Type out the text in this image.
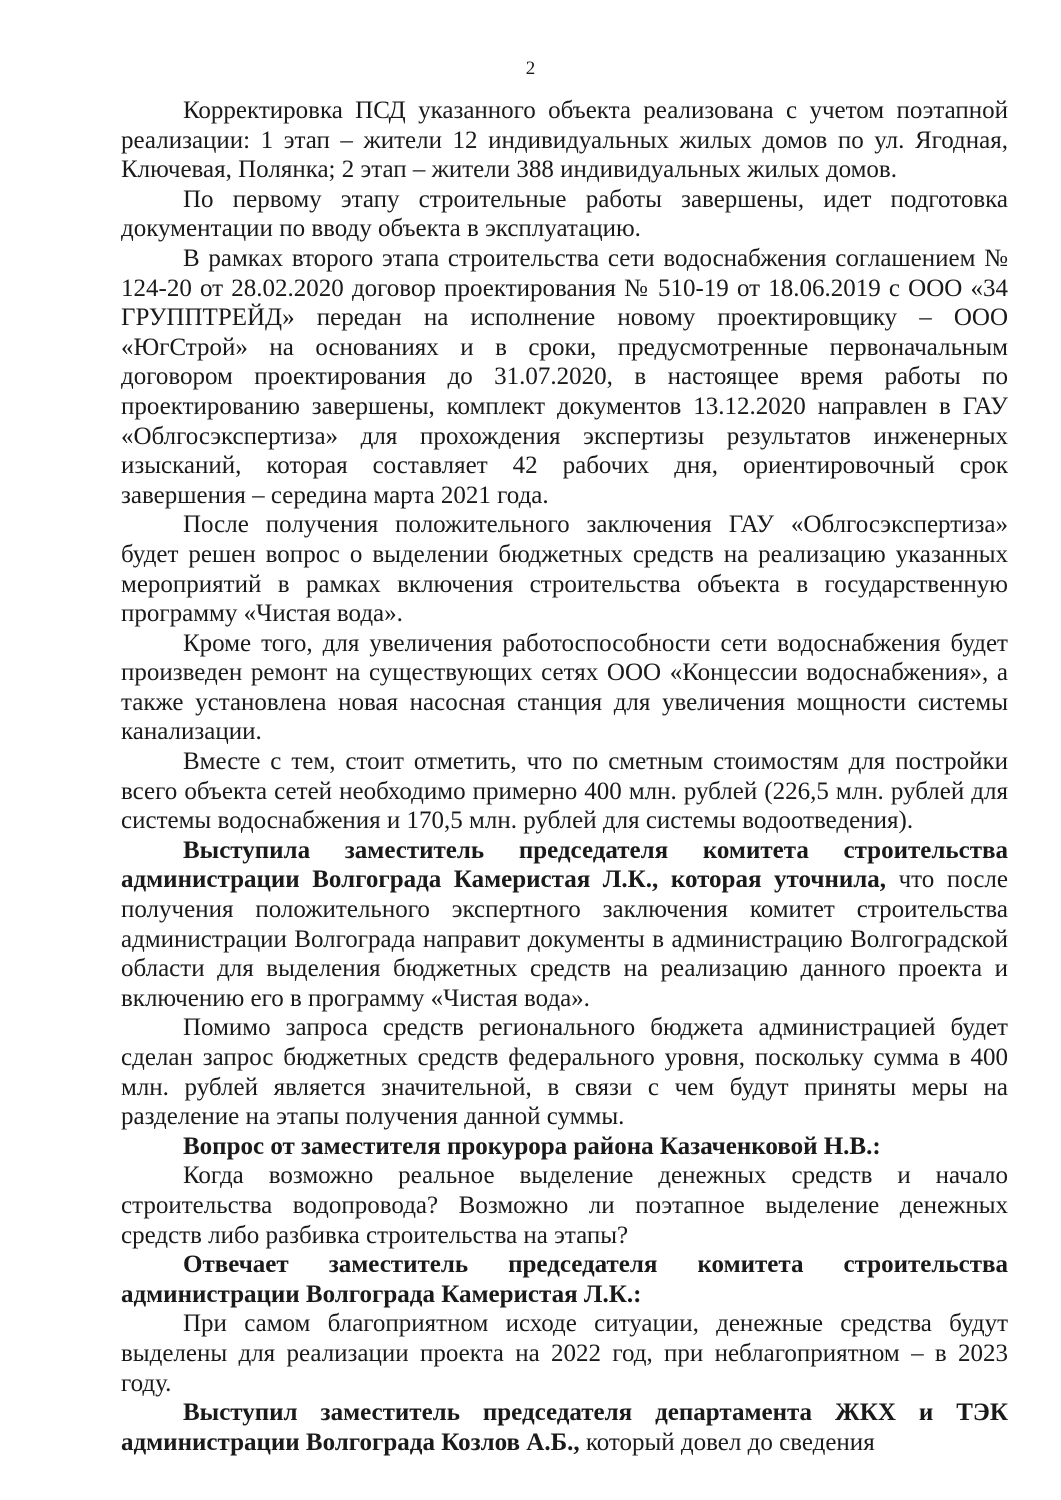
2

Корректировка ПСД указанного объекта реализована с учетом поэтапной реализации: 1 этап – жители 12 индивидуальных жилых домов по ул. Ягодная, Ключевая, Полянка; 2 этап – жители 388 индивидуальных жилых домов.

По первому этапу строительные работы завершены, идет подготовка документации по вводу объекта в эксплуатацию.

В рамках второго этапа строительства сети водоснабжения соглашением № 124-20 от 28.02.2020 договор проектирования № 510-19 от 18.06.2019 с ООО «34 ГРУППТРЕЙД» передан на исполнение новому проектировщику – ООО «ЮгСтрой» на основаниях и в сроки, предусмотренные первоначальным договором проектирования до 31.07.2020, в настоящее время работы по проектированию завершены, комплект документов 13.12.2020 направлен в ГАУ «Облгосэкспертиза» для прохождения экспертизы результатов инженерных изысканий, которая составляет 42 рабочих дня, ориентировочный срок завершения – середина марта 2021 года.

После получения положительного заключения ГАУ «Облгосэкспертиза» будет решен вопрос о выделении бюджетных средств на реализацию указанных мероприятий в рамках включения строительства объекта в государственную программу «Чистая вода».

Кроме того, для увеличения работоспособности сети водоснабжения будет произведен ремонт на существующих сетях ООО «Концессии водоснабжения», а также установлена новая насосная станция для увеличения мощности системы канализации.

Вместе с тем, стоит отметить, что по сметным стоимостям для постройки всего объекта сетей необходимо примерно 400 млн. рублей (226,5 млн. рублей для системы водоснабжения и 170,5 млн. рублей для системы водоотведения).

Выступила заместитель председателя комитета строительства администрации Волгограда Камеристая Л.К., которая уточнила, что после получения положительного экспертного заключения комитет строительства администрации Волгограда направит документы в администрацию Волгоградской области для выделения бюджетных средств на реализацию данного проекта и включению его в программу «Чистая вода».

Помимо запроса средств регионального бюджета администрацией будет сделан запрос бюджетных средств федерального уровня, поскольку сумма в 400 млн. рублей является значительной, в связи с чем будут приняты меры на разделение на этапы получения данной суммы.

Вопрос от заместителя прокурора района Казаченковой Н.В.:

Когда возможно реальное выделение денежных средств и начало строительства водопровода? Возможно ли поэтапное выделение денежных средств либо разбивка строительства на этапы?

Отвечает заместитель председателя комитета строительства администрации Волгограда Камеристая Л.К.:

При самом благоприятном исходе ситуации, денежные средства будут выделены для реализации проекта на 2022 год, при неблагоприятном – в 2023 году.

Выступил заместитель председателя департамента ЖКХ и ТЭК администрации Волгограда Козлов А.Б., который довел до сведения
